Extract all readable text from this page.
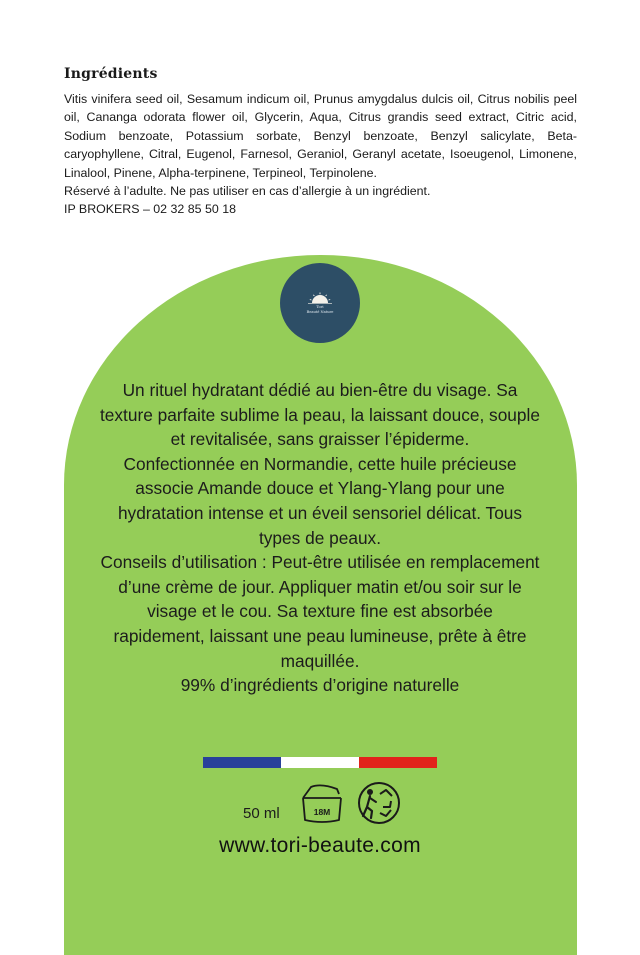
Ingrédients

Vitis vinifera seed oil, Sesamum indicum oil, Prunus amygdalus dulcis oil, Citrus nobilis peel oil, Cananga odorata flower oil, Glycerin, Aqua, Citrus grandis seed extract, Citric acid, Sodium benzoate, Potassium sorbate, Benzyl benzoate, Benzyl salicylate, Beta-caryophyllene, Citral, Eugenol, Farnesol, Geraniol, Geranyl acetate, Isoeugenol, Limonene, Linalool, Pinene, Alpha-terpinene, Terpineol, Terpinolene.

Réservé à l’adulte. Ne pas utiliser en cas d’allergie à un ingrédient.

IP BROKERS – 02 32 85 50 18

Tori
Beauté Nature

Un rituel hydratant dédié au bien-être du visage. Sa texture parfaite sublime la peau, la laissant douce, souple et revitalisée, sans graisser l’épiderme.

Confectionnée en Normandie, cette huile précieuse associe Amande douce et Ylang-Ylang pour une hydratation intense et un éveil sensoriel délicat. Tous types de peaux.

Conseils d’utilisation : Peut-être utilisée en remplacement d’une crème de jour. Appliquer matin et/ou soir sur le visage et le cou. Sa texture fine est absorbée rapidement, laissant une peau lumineuse, prête à être maquillée.

99% d’ingrédients d’origine naturelle

50 ml	18M
www.tori-beaute.com
